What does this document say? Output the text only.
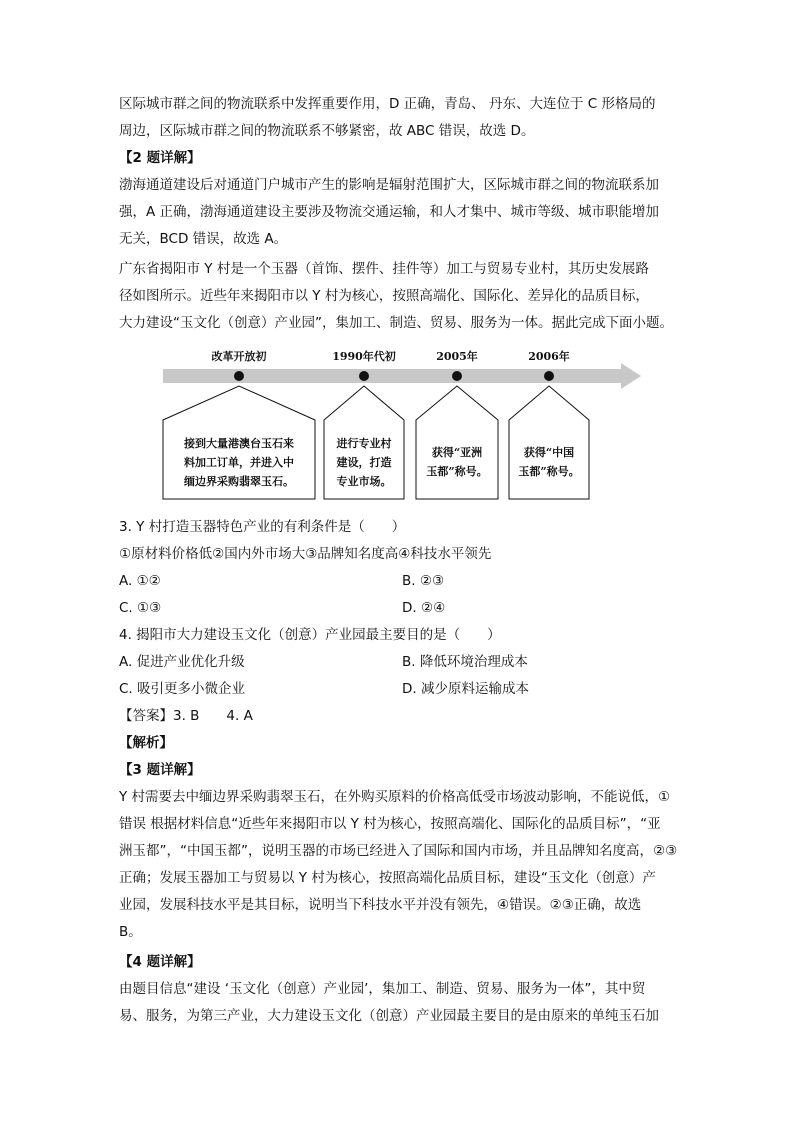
区际城市群之间的物流联系中发挥重要作用，D 正确，青岛、 丹东、大连位于 C 形格局的
周边，区际城市群之间的物流联系不够紧密，故 ABC 错误，故选 D。
【2 题详解】
渤海通道建设后对通道门户城市产生的影响是辐射范围扩大，区际城市群之间的物流联系加
强，A 正确，渤海通道建设主要涉及物流交通运输，和人才集中、城市等级、城市职能增加
无关，BCD 错误，故选 A。
广东省揭阳市 Y 村是一个玉器（首饰、摆件、挂件等）加工与贸易专业村，其历史发展路
径如图所示。近些年来揭阳市以 Y 村为核心，按照高端化、国际化、差异化的品质目标，
大力建设“玉文化（创意）产业园”，集加工、制造、贸易、服务为一体。据此完成下面小题。
改革开放初	1990年代初	2005年	2006年
接到大量港澳台玉石来
料加工订单，并进入中
缅边界采购翡翠玉石。
进行专业村
建设，打造
专业市场。
获得“亚洲
玉都”称号。
获得“中国
玉都”称号。
3. Y 村打造玉器特色产业的有利条件是（　　）
①原材料价格低②国内外市场大③品牌知名度高④科技水平领先
A. ①②	B. ②③
C. ①③	D. ②④
4. 揭阳市大力建设玉文化（创意）产业园最主要目的是（　　）
A. 促进产业优化升级	B. 降低环境治理成本
C. 吸引更多小微企业	D. 减少原料运输成本
【答案】3. B　　4. A
【解析】
【3 题详解】
Y 村需要去中缅边界采购翡翠玉石，在外购买原料的价格高低受市场波动影响，不能说低，①
错误 根据材料信息“近些年来揭阳市以 Y 村为核心，按照高端化、国际化的品质目标”，“亚
洲玉都”，“中国玉都”，说明玉器的市场已经进入了国际和国内市场，并且品牌知名度高，②③
正确；发展玉器加工与贸易以 Y 村为核心，按照高端化品质目标，建设“玉文化（创意）产
业园，发展科技水平是其目标，说明当下科技水平并没有领先，④错误。②③正确，故选
B。
【4 题详解】
由题目信息“建设 ‘玉文化（创意）产业园’，集加工、制造、贸易、服务为一体”，其中贸
易、服务，为第三产业，大力建设玉文化（创意）产业园最主要目的是由原来的单纯玉石加
